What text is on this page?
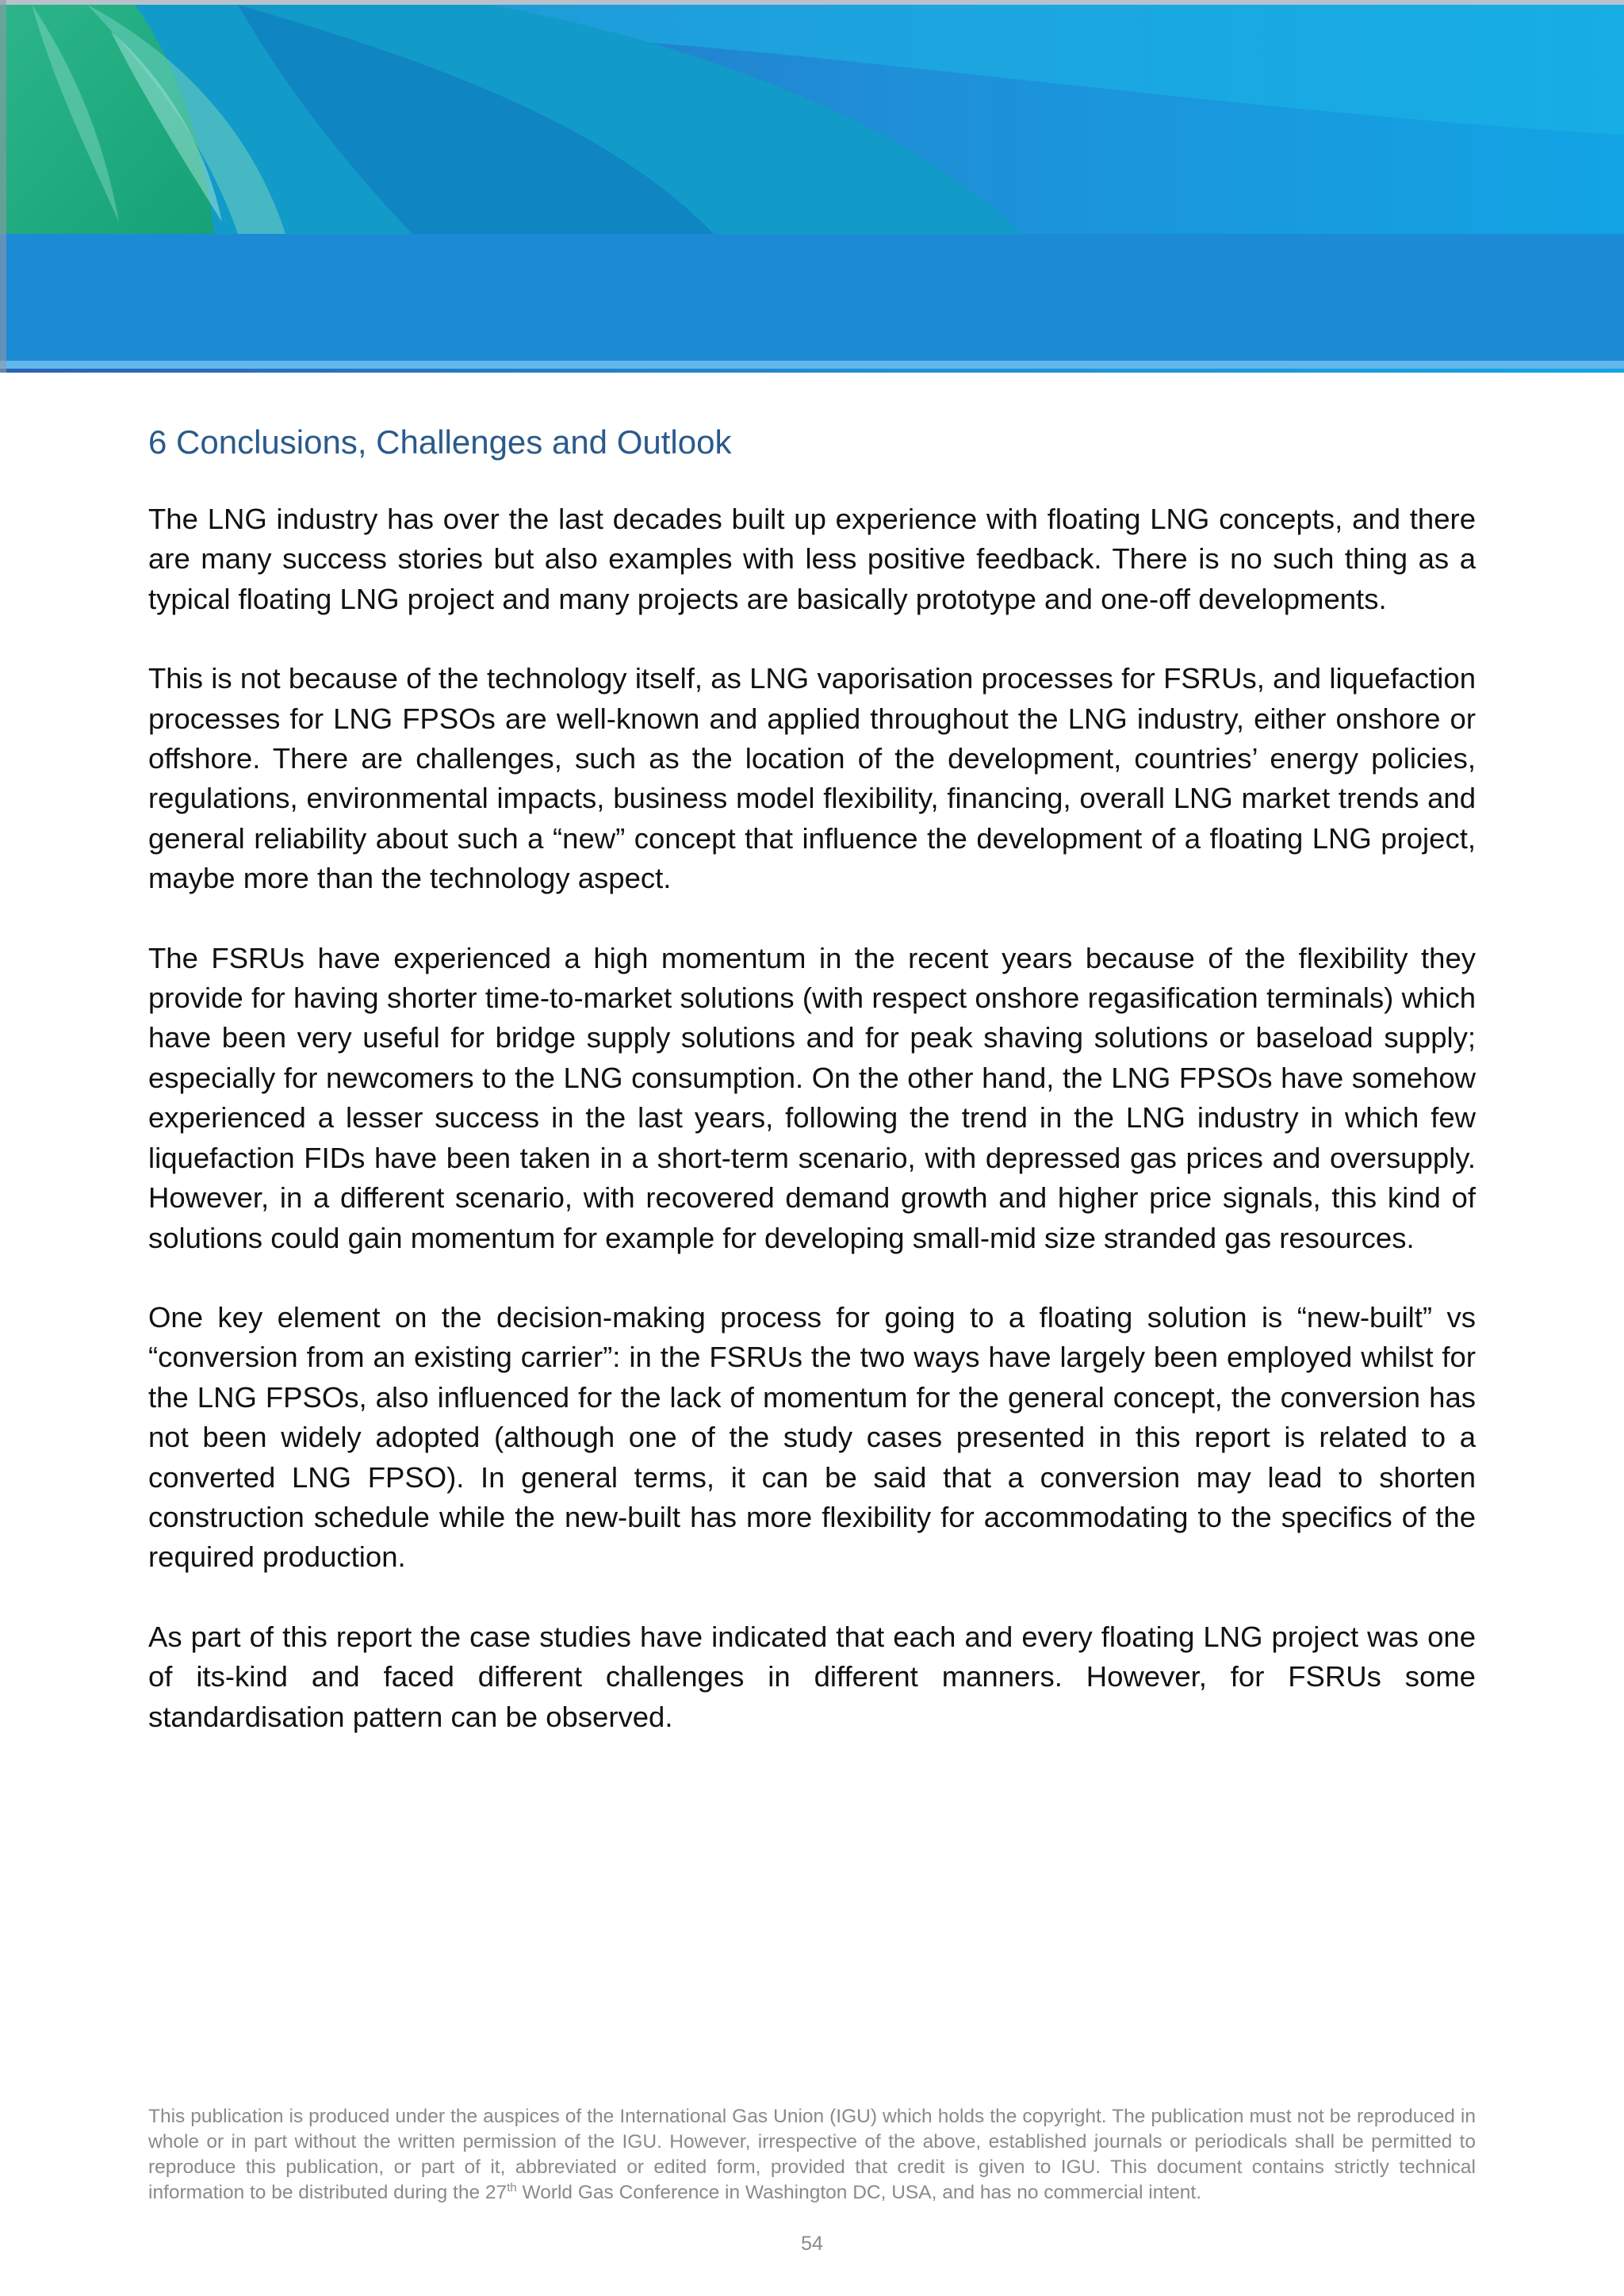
6 Conclusions, Challenges and Outlook

The LNG industry has over the last decades built up experience with floating LNG concepts, and there are many success stories but also examples with less positive feedback. There is no such thing as a typical floating LNG project and many projects are basically prototype and one-off developments.

This is not because of the technology itself, as LNG vaporisation processes for FSRUs, and liquefaction processes for LNG FPSOs are well-known and applied throughout the LNG industry, either onshore or offshore. There are challenges, such as the location of the development, countries’ energy policies, regulations, environmental impacts, business model flexibility, financing, overall LNG market trends and general reliability about such a “new” concept that influence the development of a floating LNG project, maybe more than the technology aspect.

The FSRUs have experienced a high momentum in the recent years because of the flexibility they provide for having shorter time-to-market solutions (with respect onshore regasification terminals) which have been very useful for bridge supply solutions and for peak shaving solutions or baseload supply; especially for newcomers to the LNG consumption. On the other hand, the LNG FPSOs have somehow experienced a lesser success in the last years, following the trend in the LNG industry in which few liquefaction FIDs have been taken in a short-term scenario, with depressed gas prices and oversupply. However, in a different scenario, with recovered demand growth and higher price signals, this kind of solutions could gain momentum for example for developing small-mid size stranded gas resources.

One key element on the decision-making process for going to a floating solution is “new-built” vs “conversion from an existing carrier”: in the FSRUs the two ways have largely been employed whilst for the LNG FPSOs, also influenced for the lack of momentum for the general concept, the conversion has not been widely adopted (although one of the study cases presented in this report is related to a converted LNG FPSO). In general terms, it can be said that a conversion may lead to shorten construction schedule while the new-built has more flexibility for accommodating to the specifics of the required production.

As part of this report the case studies have indicated that each and every floating LNG project was one of its-kind and faced different challenges in different manners. However, for FSRUs some standardisation pattern can be observed.

This publication is produced under the auspices of the International Gas Union (IGU) which holds the copyright. The publication must not be reproduced in whole or in part without the written permission of the IGU. However, irrespective of the above, established journals or periodicals shall be permitted to reproduce this publication, or part of it, abbreviated or edited form, provided that credit is given to IGU. This document contains strictly technical information to be distributed during the 27th World Gas Conference in Washington DC, USA, and has no commercial intent.
54
